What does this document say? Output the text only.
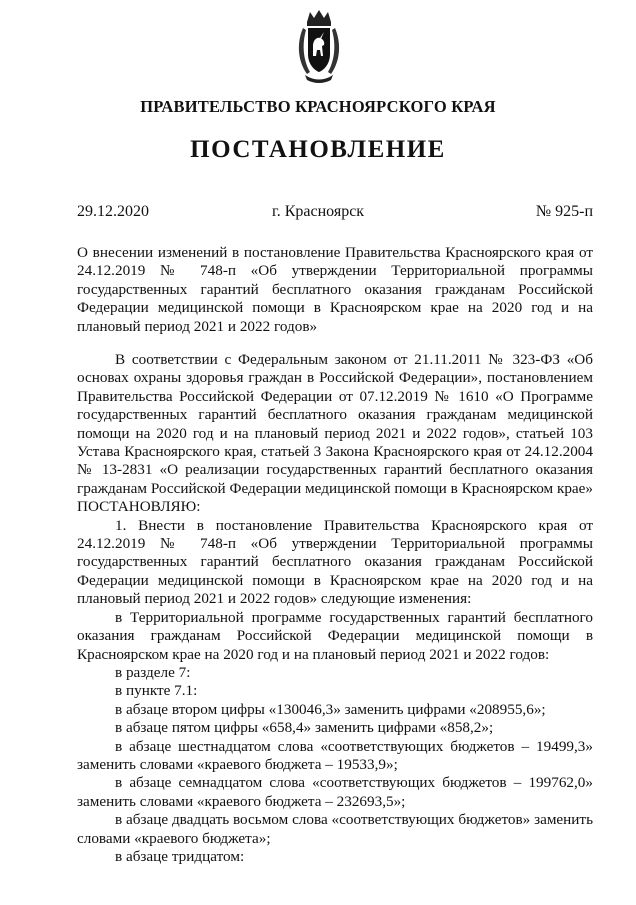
ПРАВИТЕЛЬСТВО КРАСНОЯРСКОГО КРАЯ
ПОСТАНОВЛЕНИЕ
29.12.2020	г. Красноярск	№ 925-п

О внесении изменений в постановление Правительства Красноярского края от 24.12.2019 № 748-п «Об утверждении Территориальной программы государственных гарантий бесплатного оказания гражданам Российской Федерации медицинской помощи в Красноярском крае на 2020 год и на плановый период 2021 и 2022 годов»

В соответствии с Федеральным законом от 21.11.2011 № 323-ФЗ «Об основах охраны здоровья граждан в Российской Федерации», постановлением Правительства Российской Федерации от 07.12.2019 № 1610 «О Программе государственных гарантий бесплатного оказания гражданам медицинской помощи на 2020 год и на плановый период 2021 и 2022 годов», статьей 103 Устава Красноярского края, статьей 3 Закона Красноярского края от 24.12.2004 № 13-2831 «О реализации государственных гарантий бесплатного оказания гражданам Российской Федерации медицинской помощи в Красноярском крае» ПОСТАНОВЛЯЮ:

1. Внести в постановление Правительства Красноярского края от 24.12.2019 № 748-п «Об утверждении Территориальной программы государственных гарантий бесплатного оказания гражданам Российской Федерации медицинской помощи в Красноярском крае на 2020 год и на плановый период 2021 и 2022 годов» следующие изменения:

в Территориальной программе государственных гарантий бесплатного оказания гражданам Российской Федерации медицинской помощи в Красноярском крае на 2020 год и на плановый период 2021 и 2022 годов:

в разделе 7:

в пункте 7.1:

в абзаце втором цифры «130046,3» заменить цифрами «208955,6»;

в абзаце пятом цифры «658,4» заменить цифрами «858,2»;

в абзаце шестнадцатом слова «соответствующих бюджетов – 19499,3» заменить словами «краевого бюджета – 19533,9»;

в абзаце семнадцатом слова «соответствующих бюджетов – 199762,0» заменить словами «краевого бюджета – 232693,5»;

в абзаце двадцать восьмом слова «соответствующих бюджетов» заменить словами «краевого бюджета»;

в абзаце тридцатом:
